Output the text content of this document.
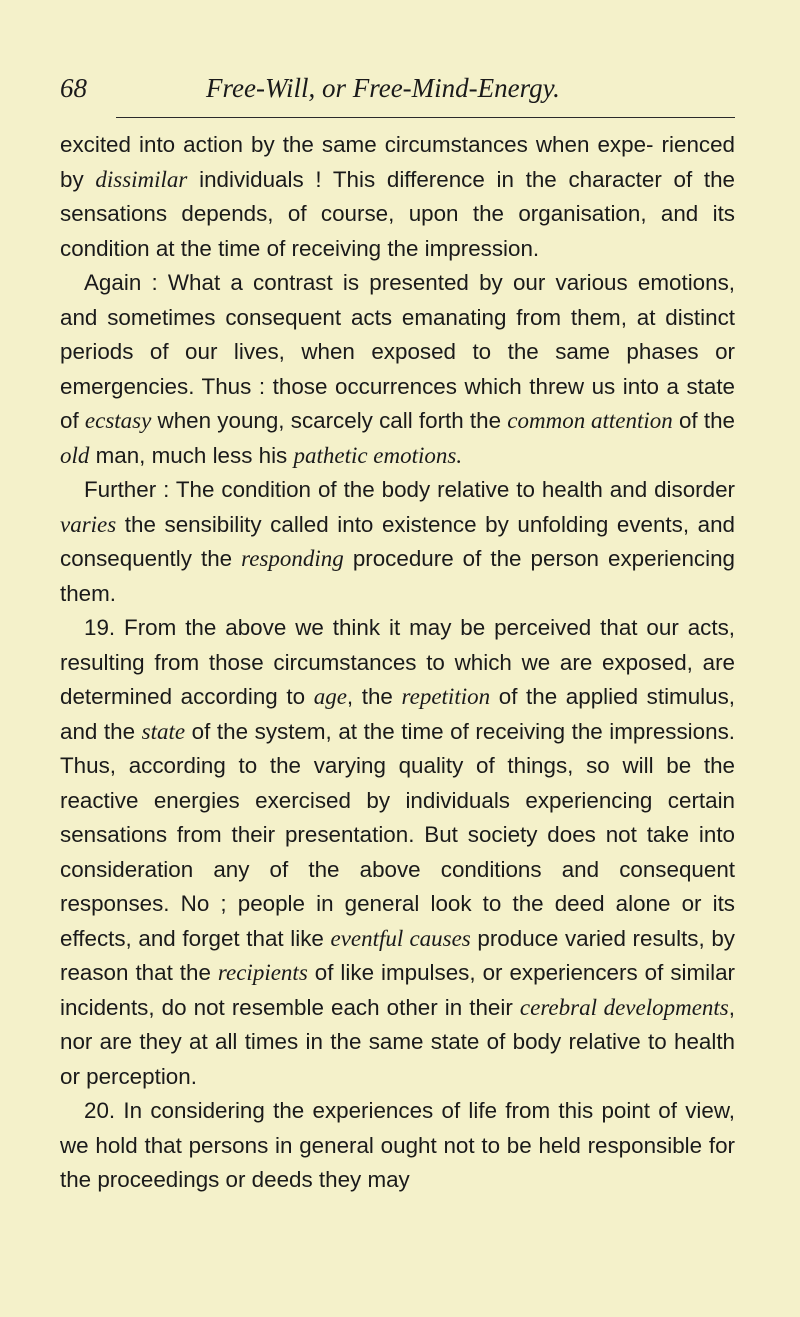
68	Free-Will, or Free-Mind-Energy.

excited into action by the same circumstances when expe- rienced by dissimilar individuals ! This difference in the character of the sensations depends, of course, upon the organisation, and its condition at the time of receiving the impression.

Again : What a contrast is presented by our various emotions, and sometimes consequent acts emanating from them, at distinct periods of our lives, when exposed to the same phases or emergencies. Thus : those occurrences which threw us into a state of ecstasy when young, scarcely call forth the common attention of the old man, much less his pathetic emotions.

Further : The condition of the body relative to health and disorder varies the sensibility called into existence by unfolding events, and consequently the responding procedure of the person experiencing them.

19. From the above we think it may be perceived that our acts, resulting from those circumstances to which we are exposed, are determined according to age, the repetition of the applied stimulus, and the state of the system, at the time of receiving the impressions. Thus, according to the varying quality of things, so will be the reactive energies exercised by individuals experiencing certain sensations from their presentation. But society does not take into consideration any of the above conditions and consequent responses. No ; people in general look to the deed alone or its effects, and forget that like eventful causes produce varied results, by reason that the recipients of like impulses, or experiencers of similar incidents, do not resemble each other in their cerebral developments, nor are they at all times in the same state of body relative to health or perception.

20. In considering the experiences of life from this point of view, we hold that persons in general ought not to be held responsible for the proceedings or deeds they may
